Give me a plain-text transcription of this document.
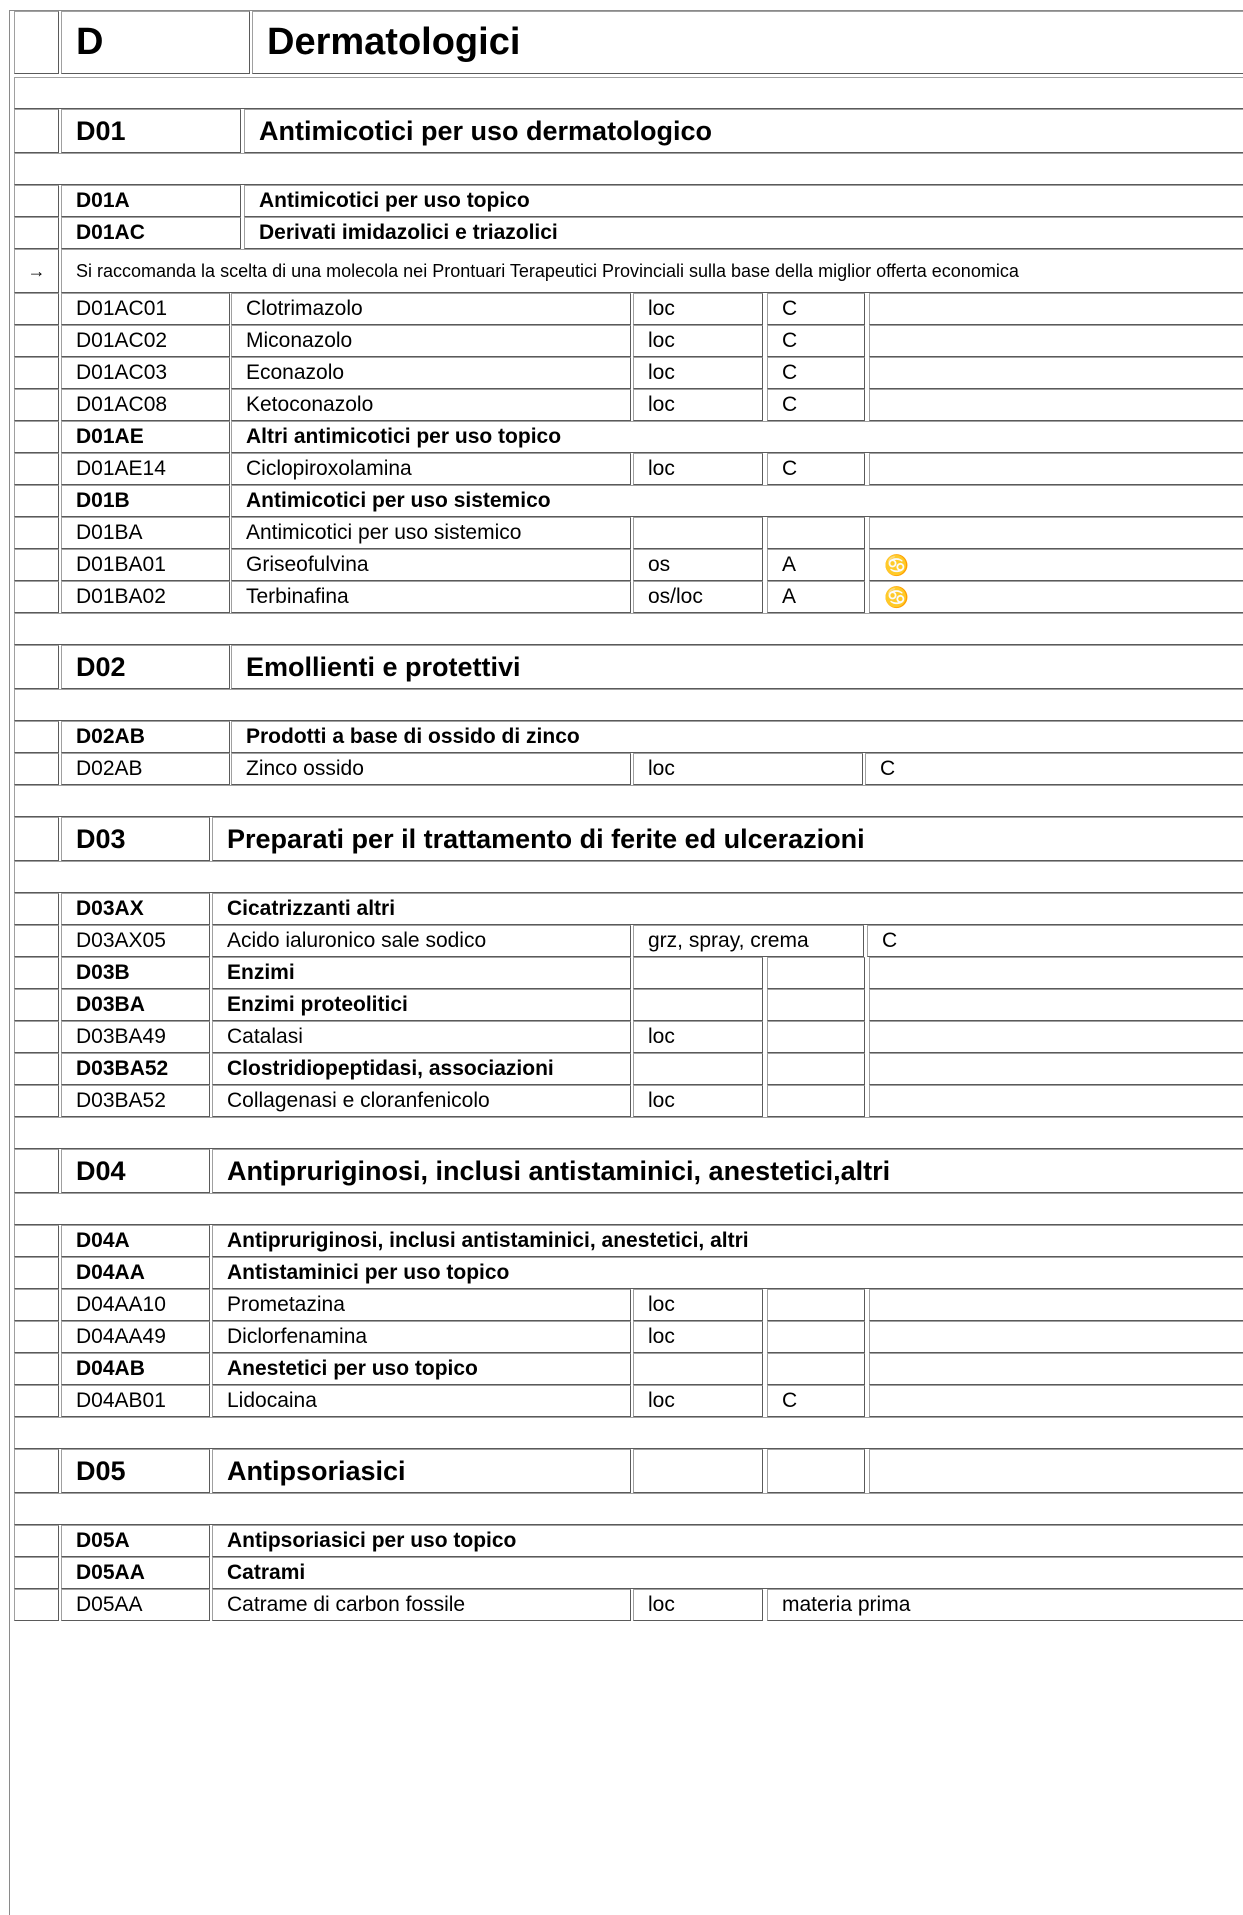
D	Dermatologici
D01	Antimicotici per uso dermatologico
D01A	Antimicotici per uso topico
D01AC	Derivati imidazolici e triazolici
→	Si raccomanda la scelta di una molecola nei Prontuari Terapeutici Provinciali sulla base della miglior offerta economica
D01AC01	Clotrimazolo	loc	C
D01AC02	Miconazolo	loc	C
D01AC03	Econazolo	loc	C
D01AC08	Ketoconazolo	loc	C
D01AE	Altri antimicotici per uso topico
D01AE14	Ciclopiroxolamina	loc	C
D01B	Antimicotici per uso sistemico
D01BA	Antimicotici per uso sistemico
D01BA01	Griseofulvina	os	A	♋
D01BA02	Terbinafina	os/loc	A	♋
D02	Emollienti e protettivi
D02AB	Prodotti a base di ossido di zinco
D02AB	Zinco ossido	loc	C
D03	Preparati per il trattamento di ferite ed ulcerazioni
D03AX	Cicatrizzanti altri
D03AX05	Acido ialuronico sale sodico	grz, spray, crema	C
D03B	Enzimi
D03BA	Enzimi proteolitici
D03BA49	Catalasi	loc
D03BA52	Clostridiopeptidasi, associazioni
D03BA52	Collagenasi e cloranfenicolo	loc
D04	Antipruriginosi, inclusi antistaminici, anestetici,altri
D04A	Antipruriginosi, inclusi antistaminici, anestetici, altri
D04AA	Antistaminici per uso topico
D04AA10	Prometazina	loc
D04AA49	Diclorfenamina	loc
D04AB	Anestetici per uso topico
D04AB01	Lidocaina	loc	C
D05	Antipsoriasici
D05A	Antipsoriasici per uso topico
D05AA	Catrami
D05AA	Catrame di carbon fossile	loc	materia prima
